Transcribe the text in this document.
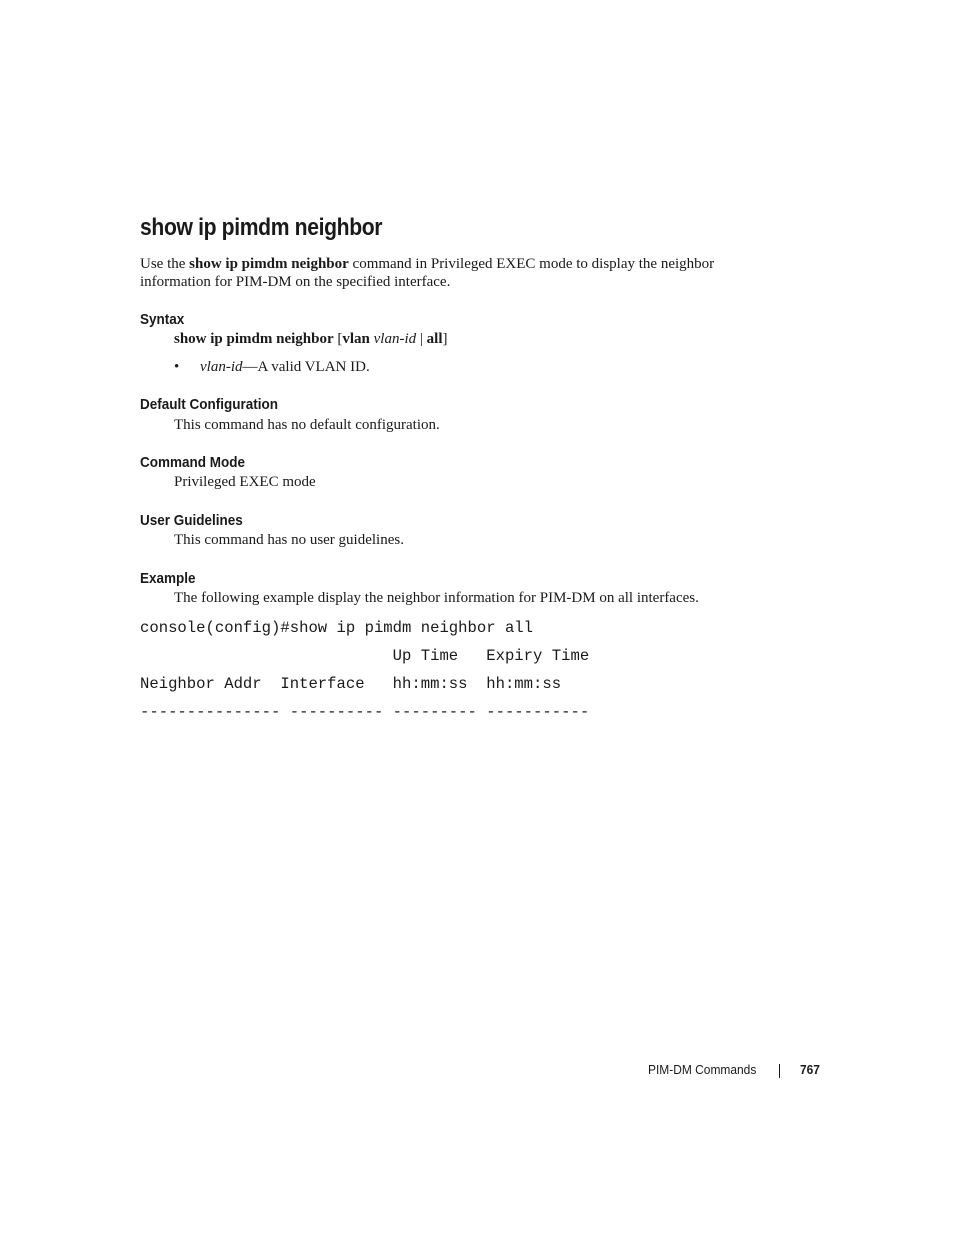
show ip pimdm neighbor

Use the show ip pimdm neighbor command in Privileged EXEC mode to display the neighbor
information for PIM-DM on the specified interface.

Syntax

show ip pimdm neighbor [vlan vlan-id | all]

• vlan-id—A valid VLAN ID.
Default Configuration

This command has no default configuration.

Command Mode

Privileged EXEC mode

User Guidelines

This command has no user guidelines.

Example

The following example display the neighbor information for PIM-DM on all interfaces.

console(config)#show ip pimdm neighbor all
Up Time   Expiry Time
Neighbor Addr  Interface   hh:mm:ss  hh:mm:ss
--------------- ---------- --------- -----------
PIM-DM Commands	767
